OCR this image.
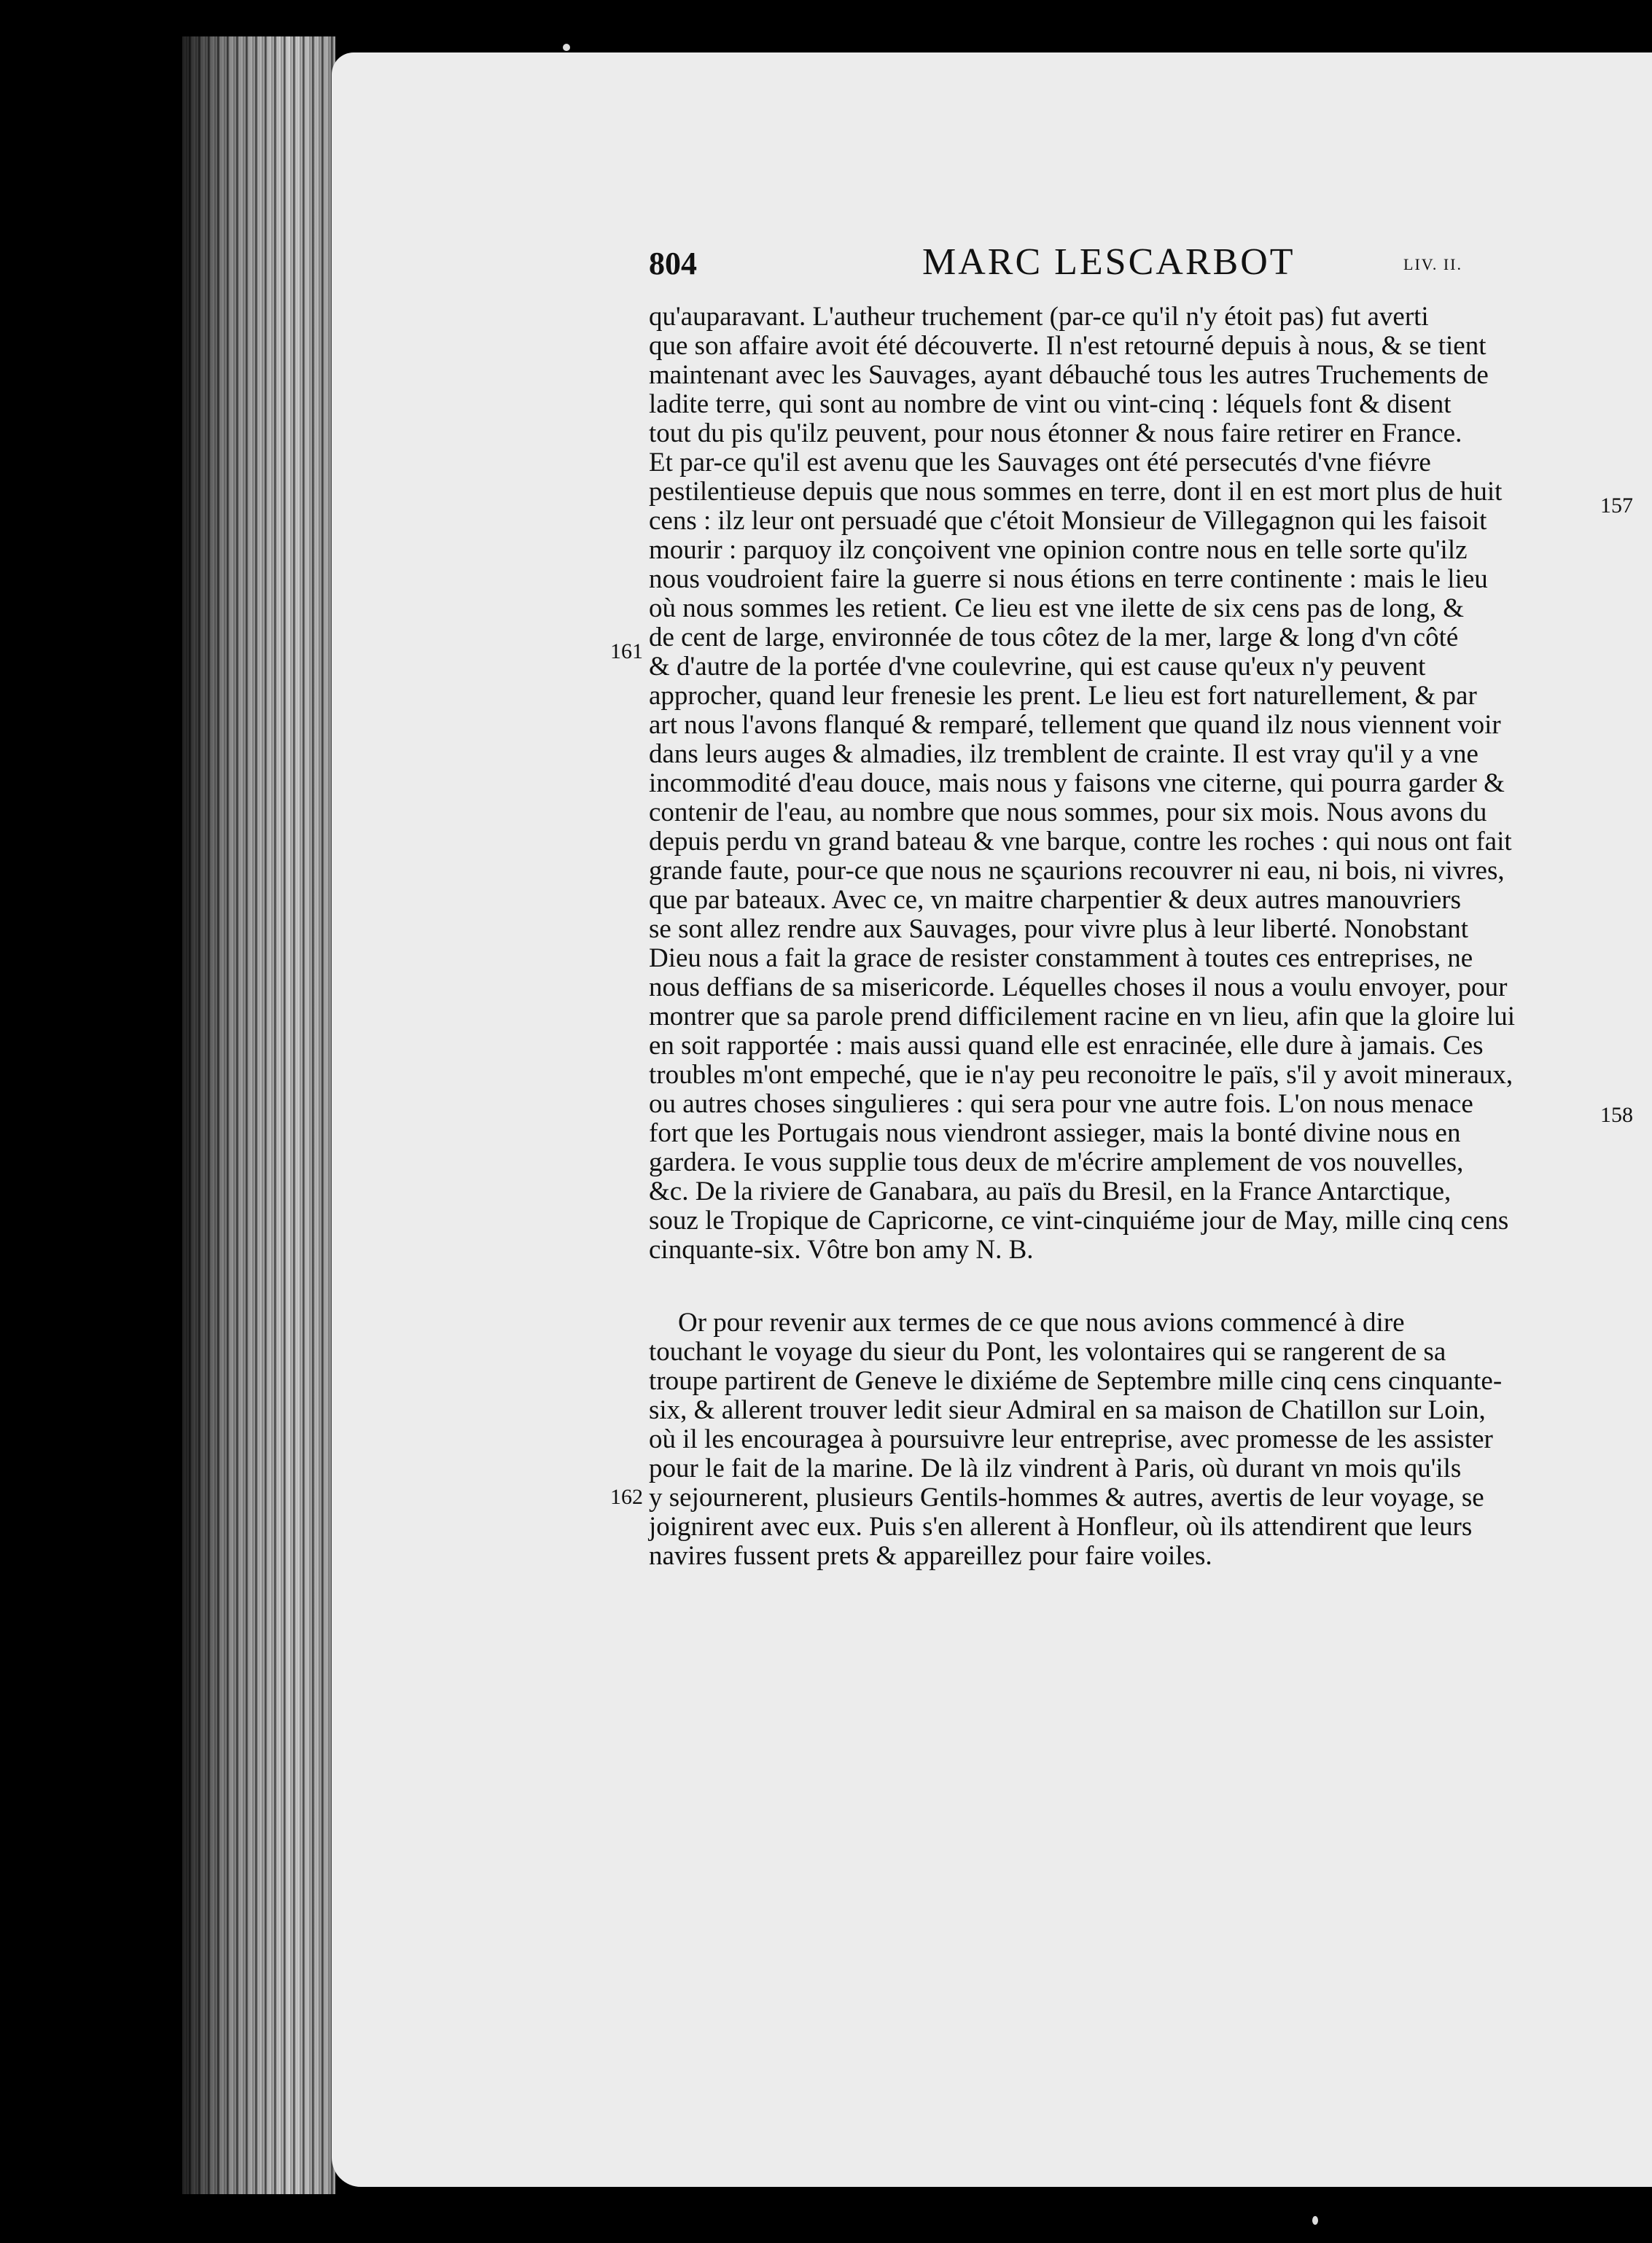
804	MARC LESCARBOT	LIV. II.
qu'auparavant. L'autheur truchement (par-ce qu'il n'y étoit pas) fut averti
que son affaire avoit été découverte. Il n'est retourné depuis à nous, & se tient
maintenant avec les Sauvages, ayant débauché tous les autres Truchements de
ladite terre, qui sont au nombre de vint ou vint-cinq : léquels font & disent
tout du pis qu'ilz peuvent, pour nous étonner & nous faire retirer en France.
Et par-ce qu'il est avenu que les Sauvages ont été persecutés d'vne fiévre
pestilentieuse depuis que nous sommes en terre, dont il en est mort plus de huit
cens : ilz leur ont persuadé que c'étoit Monsieur de Villegagnon qui les faisoit
mourir : parquoy ilz conçoivent vne opinion contre nous en telle sorte qu'ilz
nous voudroient faire la guerre si nous étions en terre continente : mais le lieu
où nous sommes les retient. Ce lieu est vne ilette de six cens pas de long, &
de cent de large, environnée de tous côtez de la mer, large & long d'vn côté
& d'autre de la portée d'vne coulevrine, qui est cause qu'eux n'y peuvent
approcher, quand leur frenesie les prent. Le lieu est fort naturellement, & par
art nous l'avons flanqué & remparé, tellement que quand ilz nous viennent voir
dans leurs auges & almadies, ilz tremblent de crainte. Il est vray qu'il y a vne
incommodité d'eau douce, mais nous y faisons vne citerne, qui pourra garder &
contenir de l'eau, au nombre que nous sommes, pour six mois. Nous avons du
depuis perdu vn grand bateau & vne barque, contre les roches : qui nous ont fait
grande faute, pour-ce que nous ne sçaurions recouvrer ni eau, ni bois, ni vivres,
que par bateaux. Avec ce, vn maitre charpentier & deux autres manouvriers
se sont allez rendre aux Sauvages, pour vivre plus à leur liberté. Nonobstant
Dieu nous a fait la grace de resister constamment à toutes ces entreprises, ne
nous deffians de sa misericorde. Léquelles choses il nous a voulu envoyer, pour
montrer que sa parole prend difficilement racine en vn lieu, afin que la gloire lui
en soit rapportée : mais aussi quand elle est enracinée, elle dure à jamais. Ces
troubles m'ont empeché, que ie n'ay peu reconoitre le païs, s'il y avoit mineraux,
ou autres choses singulieres : qui sera pour vne autre fois. L'on nous menace
fort que les Portugais nous viendront assieger, mais la bonté divine nous en
gardera. Ie vous supplie tous deux de m'écrire amplement de vos nouvelles,
&c. De la riviere de Ganabara, au païs du Bresil, en la France Antarctique,
souz le Tropique de Capricorne, ce vint-cinquiéme jour de May, mille cinq cens
cinquante-six. Vôtre bon amy N. B.
Or pour revenir aux termes de ce que nous avions commencé à dire
touchant le voyage du sieur du Pont, les volontaires qui se rangerent de sa
troupe partirent de Geneve le dixiéme de Septembre mille cinq cens cinquante-
six, & allerent trouver ledit sieur Admiral en sa maison de Chatillon sur Loin,
où il les encouragea à poursuivre leur entreprise, avec promesse de les assister
pour le fait de la marine. De là ilz vindrent à Paris, où durant vn mois qu'ils
y sejournerent, plusieurs Gentils-hommes & autres, avertis de leur voyage, se
joignirent avec eux. Puis s'en allerent à Honfleur, où ils attendirent que leurs
navires fussent prets & appareillez pour faire voiles.
157
161
158
162
